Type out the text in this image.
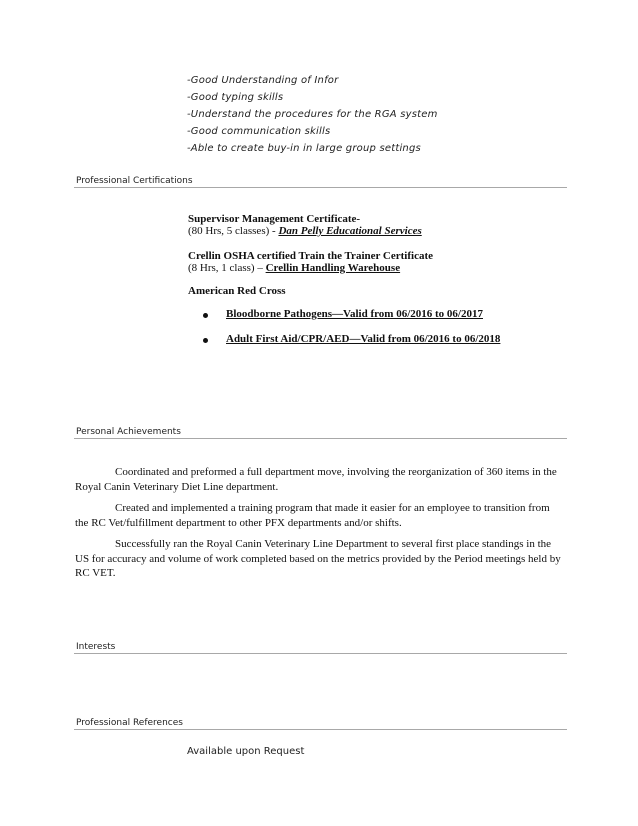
-Good Understanding of Infor
-Good typing skills
-Understand the procedures for the RGA system
-Good communication skills
-Able to create buy-in in large group settings
Professional Certifications
Supervisor Management Certificate-
(80 Hrs, 5 classes) - Dan Pelly Educational Services
Crellin OSHA certified Train the Trainer Certificate
(8 Hrs, 1 class) – Crellin Handling Warehouse
American Red Cross
Bloodborne Pathogens—Valid from 06/2016 to 06/2017
Adult First Aid/CPR/AED—Valid from 06/2016 to 06/2018
Personal Achievements
Coordinated and preformed a full department move, involving the reorganization of 360 items in the Royal Canin Veterinary Diet Line department.
Created and implemented a training program that made it easier for an employee to transition from the RC Vet/fulfillment department to other PFX departments and/or shifts.
Successfully ran the Royal Canin Veterinary Line Department to several first place standings in the US for accuracy and volume of work completed based on the metrics provided by the Period meetings held by RC VET.
Interests
Professional References
Available upon Request
